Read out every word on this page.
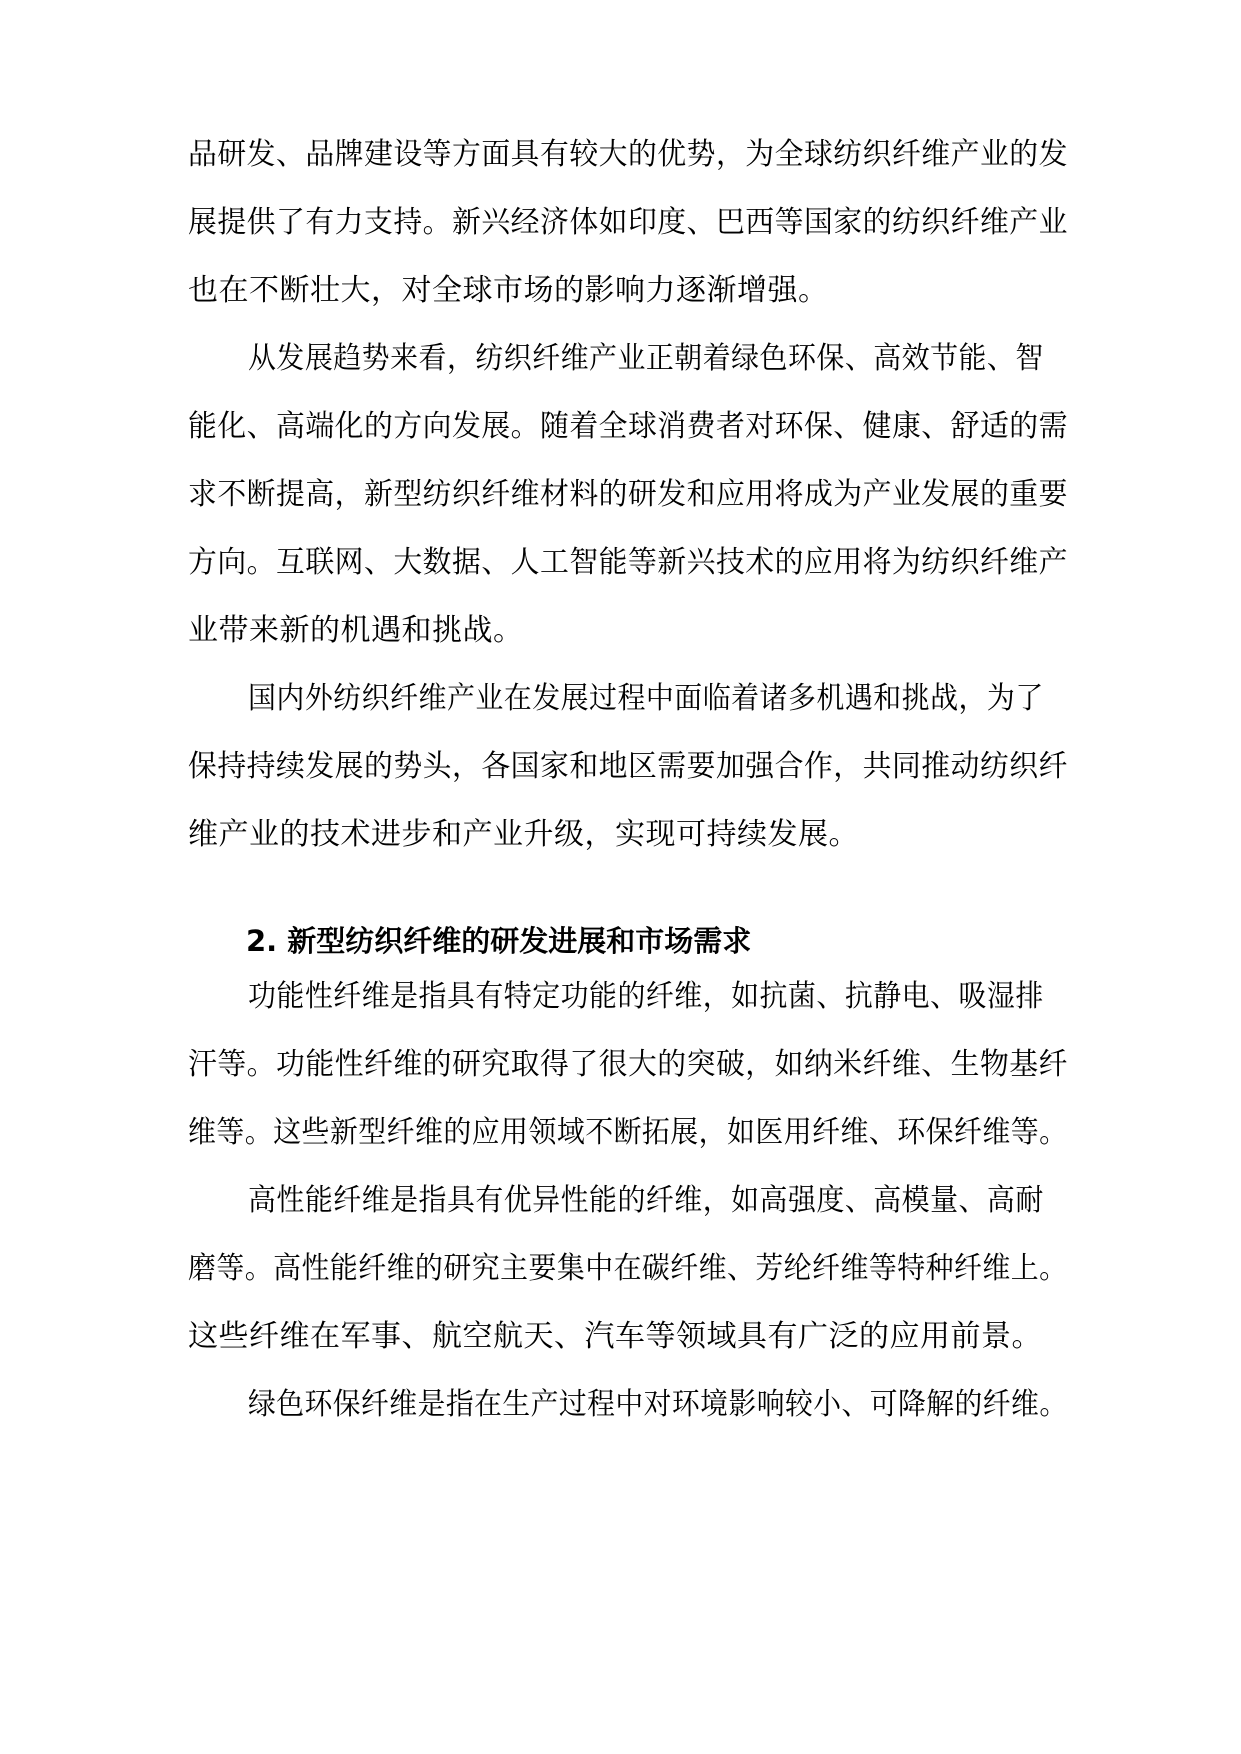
品研发、品牌建设等方面具有较大的优势，为全球纺织纤维产业的发
展提供了有力支持。新兴经济体如印度、巴西等国家的纺织纤维产业
也在不断壮大，对全球市场的影响力逐渐增强。
从发展趋势来看，纺织纤维产业正朝着绿色环保、高效节能、智
能化、高端化的方向发展。随着全球消费者对环保、健康、舒适的需
求不断提高，新型纺织纤维材料的研发和应用将成为产业发展的重要
方向。互联网、大数据、人工智能等新兴技术的应用将为纺织纤维产
业带来新的机遇和挑战。
国内外纺织纤维产业在发展过程中面临着诸多机遇和挑战，为了
保持持续发展的势头，各国家和地区需要加强合作，共同推动纺织纤
维产业的技术进步和产业升级，实现可持续发展。
2. 新型纺织纤维的研发进展和市场需求
功能性纤维是指具有特定功能的纤维，如抗菌、抗静电、吸湿排
汗等。功能性纤维的研究取得了很大的突破，如纳米纤维、生物基纤
维等。这些新型纤维的应用领域不断拓展，如医用纤维、环保纤维等。
高性能纤维是指具有优异性能的纤维，如高强度、高模量、高耐
磨等。高性能纤维的研究主要集中在碳纤维、芳纶纤维等特种纤维上。
这些纤维在军事、航空航天、汽车等领域具有广泛的应用前景。
绿色环保纤维是指在生产过程中对环境影响较小、可降解的纤维。
